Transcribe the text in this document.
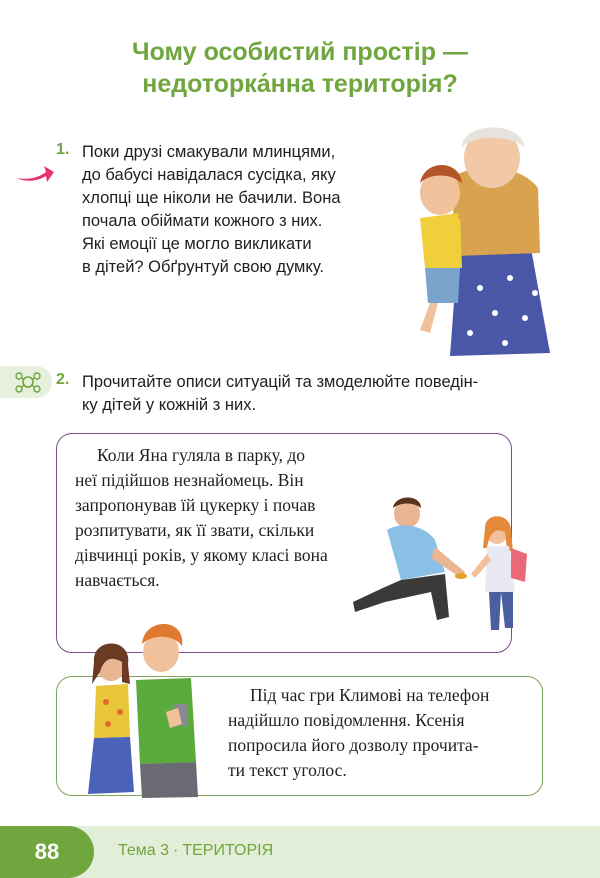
Чому особистий простір —
недоторка́нна територія?
1. Поки друзі смакували млинцями,
до бабусі навідалася сусідка, яку
хлопці ще ніколи не бачили. Вона
почала обіймати кожного з них.
Які емоції це могло викликати
в дітей? Обґрунтуй свою думку.
2. Прочитайте описи ситуацій та змоделюйте поведін-
ку дітей у кожній з них.
Коли Яна гуляла в парку, до
неї підійшов незнайомець. Він
запропонував їй цукерку і почав
розпитувати, як її звати, скільки
дівчинці років, у якому класі вона
навчається.
Під час гри Климові на телефон
надійшло повідомлення. Ксенія
попросила його дозволу прочита-
ти текст уголос.
88	Тема 3 · ТЕРИТОРІЯ
